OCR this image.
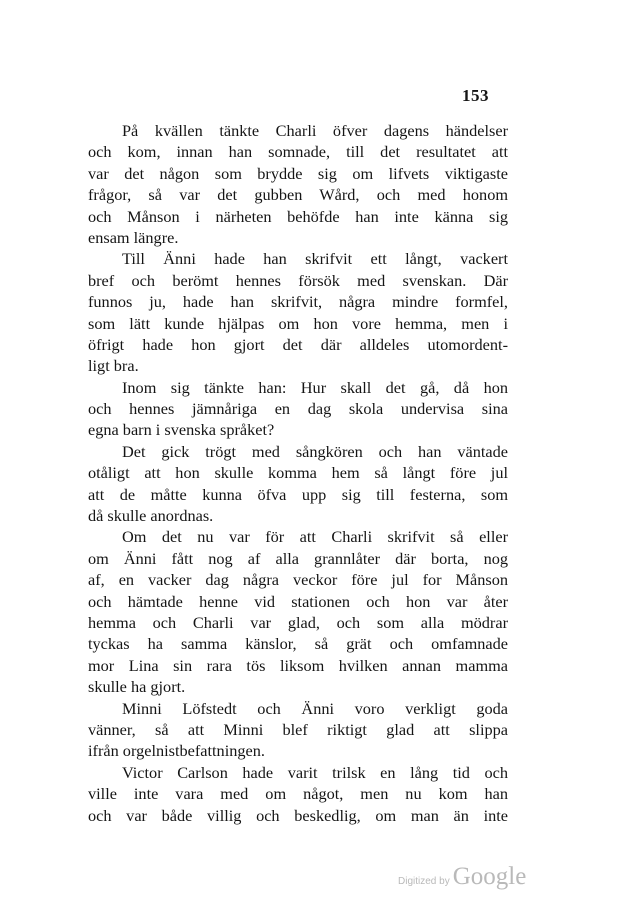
153
På kvällen tänkte Charli öfver dagens händelser
och kom, innan han somnade, till det resultatet att
var det någon som brydde sig om lifvets viktigaste
frågor, så var det gubben Wård, och med honom
och Månson i närheten behöfde han inte känna sig
ensam längre.
Till Änni hade han skrifvit ett långt, vackert
bref och berömt hennes försök med svenskan. Där
funnos ju, hade han skrifvit, några mindre formfel,
som lätt kunde hjälpas om hon vore hemma, men i
öfrigt hade hon gjort det där alldeles utomordent-
ligt bra.
Inom sig tänkte han: Hur skall det gå, då hon
och hennes jämnåriga en dag skola undervisa sina
egna barn i svenska språket?
Det gick trögt med sångkören och han väntade
otåligt att hon skulle komma hem så långt före jul
att de måtte kunna öfva upp sig till festerna, som
då skulle anordnas.
Om det nu var för att Charli skrifvit så eller
om Änni fått nog af alla grannlåter där borta, nog
af, en vacker dag några veckor före jul for Månson
och hämtade henne vid stationen och hon var åter
hemma och Charli var glad, och som alla mödrar
tyckas ha samma känslor, så grät och omfamnade
mor Lina sin rara tös liksom hvilken annan mamma
skulle ha gjort.
Minni Löfstedt och Änni voro verkligt goda
vänner, så att Minni blef riktigt glad att slippa
ifrån orgelnistbefattningen.
Victor Carlson hade varit trilsk en lång tid och
ville inte vara med om något, men nu kom han
och var både villig och beskedlig, om man än inte
Digitized by Google
